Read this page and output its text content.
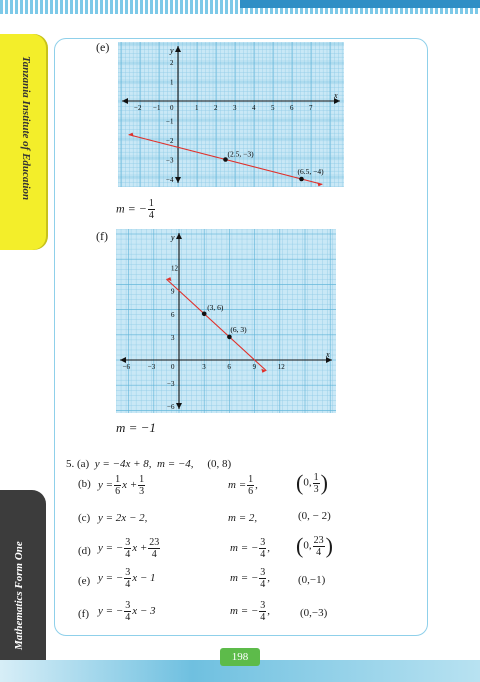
Tanzania Institute of Education
Mathematics Form One
(e)
x
y
−2 −1 0	1 2 3 4 5 6 7
2
1
−1
−2
−3
−4
(2.5, −3)
(6.5, −4)
m = − $\frac{1}{4}$
(f)
x
y
−6	−3 0	3	6	9	12
12
9
6
3
−3
−6
(3, 6)
(6, 3)
m = −1
5. (a) y = −4x + 8, m = −4, (0, 8)
(b) $y = \frac{1}{6}$ $x + \frac{1}{3}$	$m = \frac{1}{6}$ , (0, $\frac{1}{3}$ )
(c) y = 2x − 2,	m = 2,	(0, − 2)
(d) y = − $\frac{3}{4}$ $x + \frac{23}{4}$	m = − $\frac{3}{4}$ , (0, $\frac{23}{4}$ )
(e) y = − $\frac{3}{4}$ x − 1	m = − $\frac{3}{4}$ ,	(0,−1)
(f) y = − $\frac{3}{4}$ x − 3	m = − $\frac{3}{4}$ ,	(0,−3)
198
